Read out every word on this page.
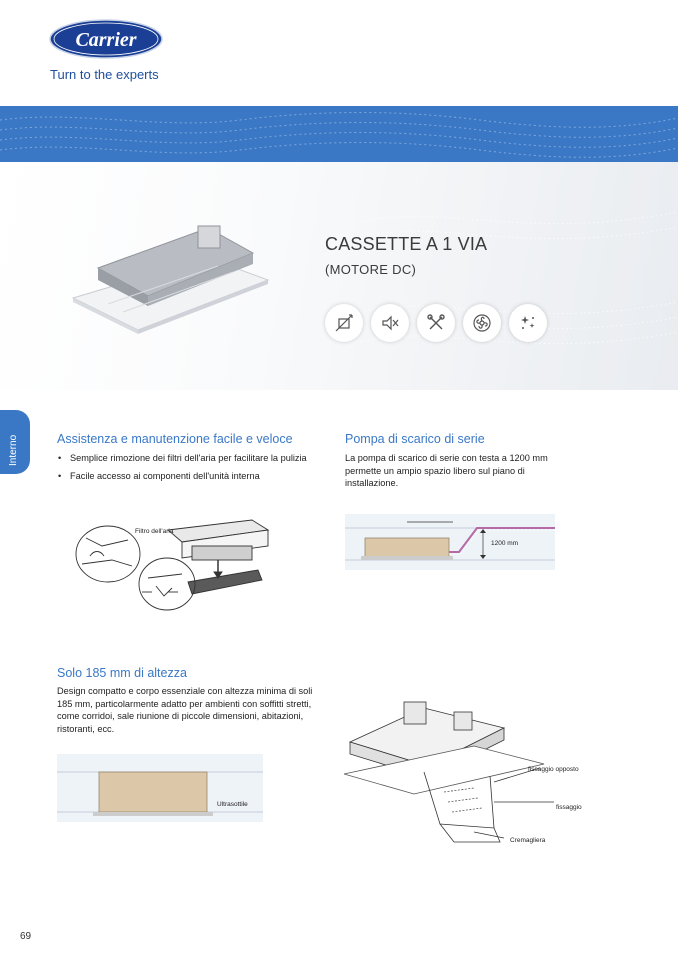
Carrier
Turn to the experts
CASSETTE A 1 VIA
(MOTORE DC)
Interno	Assistenza e manutenzione facile e veloce
• Semplice rimozione dei filtri dell'aria per facilitare la pulizia
• Facile accesso ai componenti dell'unità interna
Filtro dell'aria
Pompa di scarico di serie
La pompa di scarico di serie con testa a 1200 mm permette un ampio spazio libero sul piano di installazione.
1200 mm
Solo 185 mm di altezza
Design compatto e corpo essenziale con altezza minima di soli 185 mm, particolarmente adatto per ambienti con soffitti stretti, come corridoi, sale riunione di piccole dimensioni, abitazioni, ristoranti, ecc.
Ultrasottile
fissaggio opposto
fissaggio
Cremagliera
69
